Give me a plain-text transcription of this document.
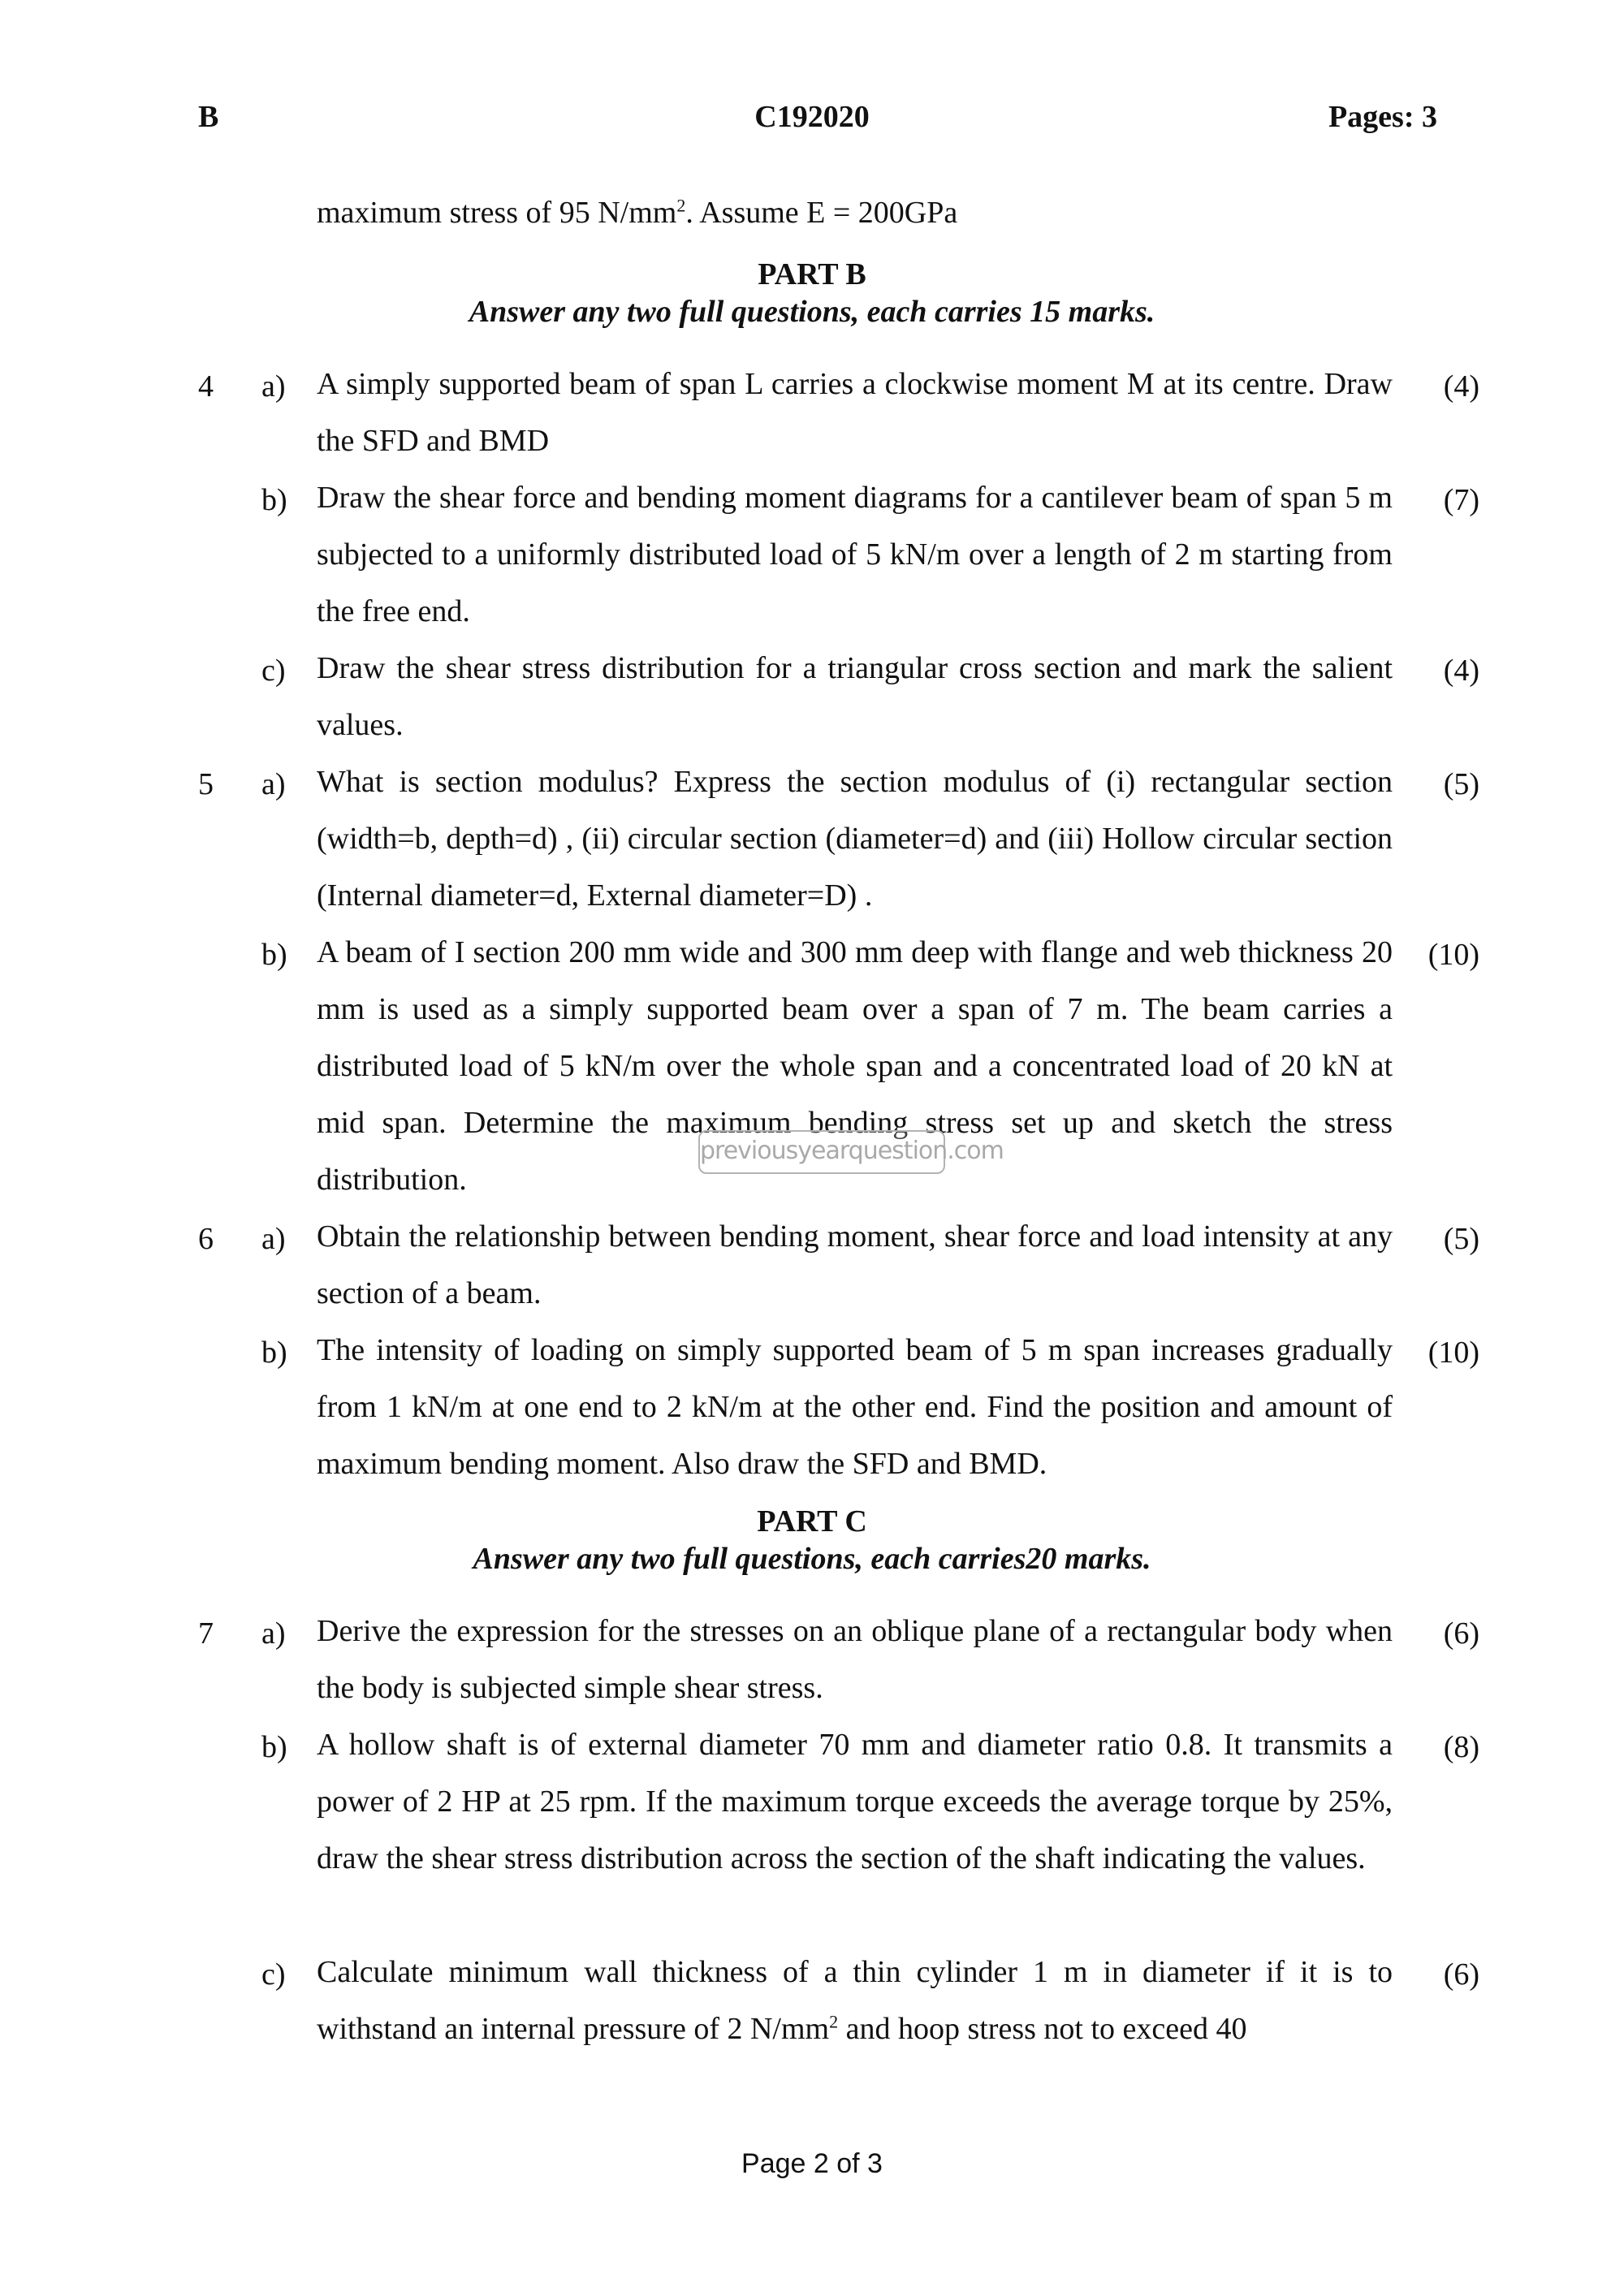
B	C192020	Pages: 3
maximum stress of 95 $N/mm^2$. Assume E = 200GPa
PART B
Answer any two full questions, each carries 15 marks.
4 a) A simply supported beam of span L carries a clockwise moment M at its centre. Draw the SFD and BMD
(4)
b) Draw the shear force and bending moment diagrams for a cantilever beam of span 5 m subjected to a uniformly distributed load of 5 kN/m over a length of 2 m starting from the free end.
(7)
c) Draw the shear stress distribution for a triangular cross section and mark the salient values.
(4)
5 a) What is section modulus? Express the section modulus of (i) rectangular section (width=b, depth=d) , (ii) circular section (diameter=d) and (iii) Hollow circular section (Internal diameter=d, External diameter=D) .
(5)
b) A beam of I section 200 mm wide and 300 mm deep with flange and web thickness 20 mm is used as a simply supported beam over a span of 7 m. The beam carries a distributed load of 5 kN/m over the whole span and a concentrated load of 20 kN at mid span. Determine the maximum bending stress set up and sketch the stress distribution.
(10)
6 a) Obtain the relationship between bending moment, shear force and load intensity at any section of a beam.
(5)
b) The intensity of loading on simply supported beam of 5 m span increases gradually from 1 kN/m at one end to 2 kN/m at the other end. Find the position and amount of maximum bending moment. Also draw the SFD and BMD.
(10)
PART C
Answer any two full questions, each carries20 marks.
7 a) Derive the expression for the stresses on an oblique plane of a rectangular body when the body is subjected simple shear stress.
(6)
b) A hollow shaft is of external diameter 70 mm and diameter ratio 0.8. It transmits a power of 2 HP at 25 rpm. If the maximum torque exceeds the average torque by 25%, draw the shear stress distribution across the section of the shaft indicating the values.
(8)
c) Calculate minimum wall thickness of a thin cylinder 1 m in diameter if it is to withstand an internal pressure of 2 $N/mm^2$ and hoop stress not to exceed 40
(6)
previousyearquestion.com
Page 2 of 3
